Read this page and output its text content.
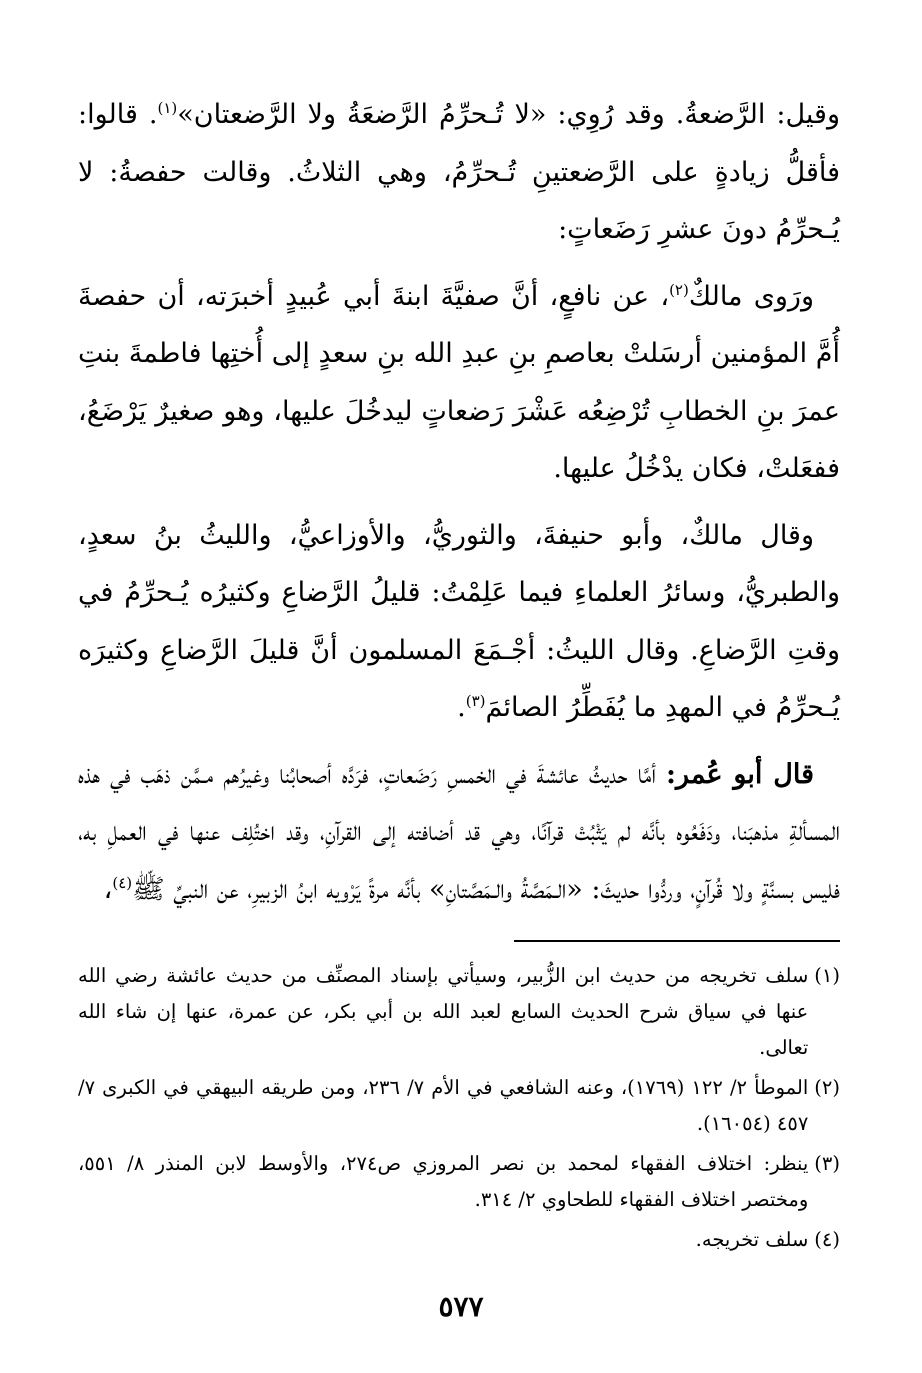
وقيل: الرَّضعةُ. وقد رُوِي: «لا تُـحرِّمُ الرَّضعَةُ ولا الرَّضعتان»$^{(١)}$. قالوا: فأقلُّ زيادةٍ على الرَّضعتينِ تُـحرِّمُ، وهي الثلاثُ. وقالت حفصةُ: لا يُـحرِّمُ دونَ عشرِ رَضَعاتٍ:

ورَوى مالكٌ$^{(٢)}$، عن نافعٍ، أنَّ صفيَّةَ ابنةَ أبي عُبيدٍ أخبرَته، أن حفصةَ أُمَّ المؤمنين أرسَلتْ بعاصمِ بنِ عبدِ الله بنِ سعدٍ إلى أُختِها فاطمةَ بنتِ عمرَ بنِ الخطابِ تُرْضِعُه عَشْرَ رَضعاتٍ ليدخُلَ عليها، وهو صغيرٌ يَرْضَعُ، ففعَلتْ، فكان يدْخُلُ عليها.

وقال مالكٌ، وأبو حنيفةَ، والثوريُّ، والأوزاعيُّ، والليثُ بنُ سعدٍ، والطبريُّ، وسائرُ العلماءِ فيما عَلِمْتُ: قليلُ الرَّضاعِ وكثيرُه يُـحرِّمُ في وقتِ الرَّضاعِ. وقال الليثُ: أجْـمَعَ المسلمون أنَّ قليلَ الرَّضاعِ وكثيرَه يُـحرِّمُ في المهدِ ما يُفَطِّرُ الصائمَ$^{(٣)}$.

قال أبو عُمر: أمَّا حديثُ عائشةَ في الخمسِ رَضَعاتٍ، فرَدَّه أصحابُنا وغيرُهم مـمَّن ذهَب في هذه المسألةِ مذهبَنا، ودَفَعُوه بأنَّه لم يَثْبُتْ قرآنًا، وهي قد أضافته إلى القرآنِ، وقد اختُلِف عنها في العملِ به، فليس بسنَّةٍ ولا قُرآنٍ، وردُّوا حديثَ: «الـمَصَّةُ والـمَصَّتانِ» بأنَّه مرةً يَرْويه ابنُ الزبيرِ، عن النبيِّ ﷺ$^{(٤)}$،

(١)
سلف تخريجه من حديث ابن الزُّبير، وسيأتي بإسناد المصنِّف من حديث عائشة رضي الله عنها في سياق شرح الحديث السابع لعبد الله بن أبي بكر، عن عمرة، عنها إن شاء الله تعالى.

(٢)
الموطأ ٢/ ١٢٢ (١٧٦٩)، وعنه الشافعي في الأم ٧/ ٢٣٦، ومن طريقه البيهقي في الكبرى ٧/ ٤٥٧ (١٦٠٥٤).

(٣)
ينظر: اختلاف الفقهاء لمحمد بن نصر المروزي ص٢٧٤، والأوسط لابن المنذر ٨/ ٥٥١، ومختصر اختلاف الفقهاء للطحاوي ٢/ ٣١٤.

(٤)
سلف تخريجه.

٥٧٧
